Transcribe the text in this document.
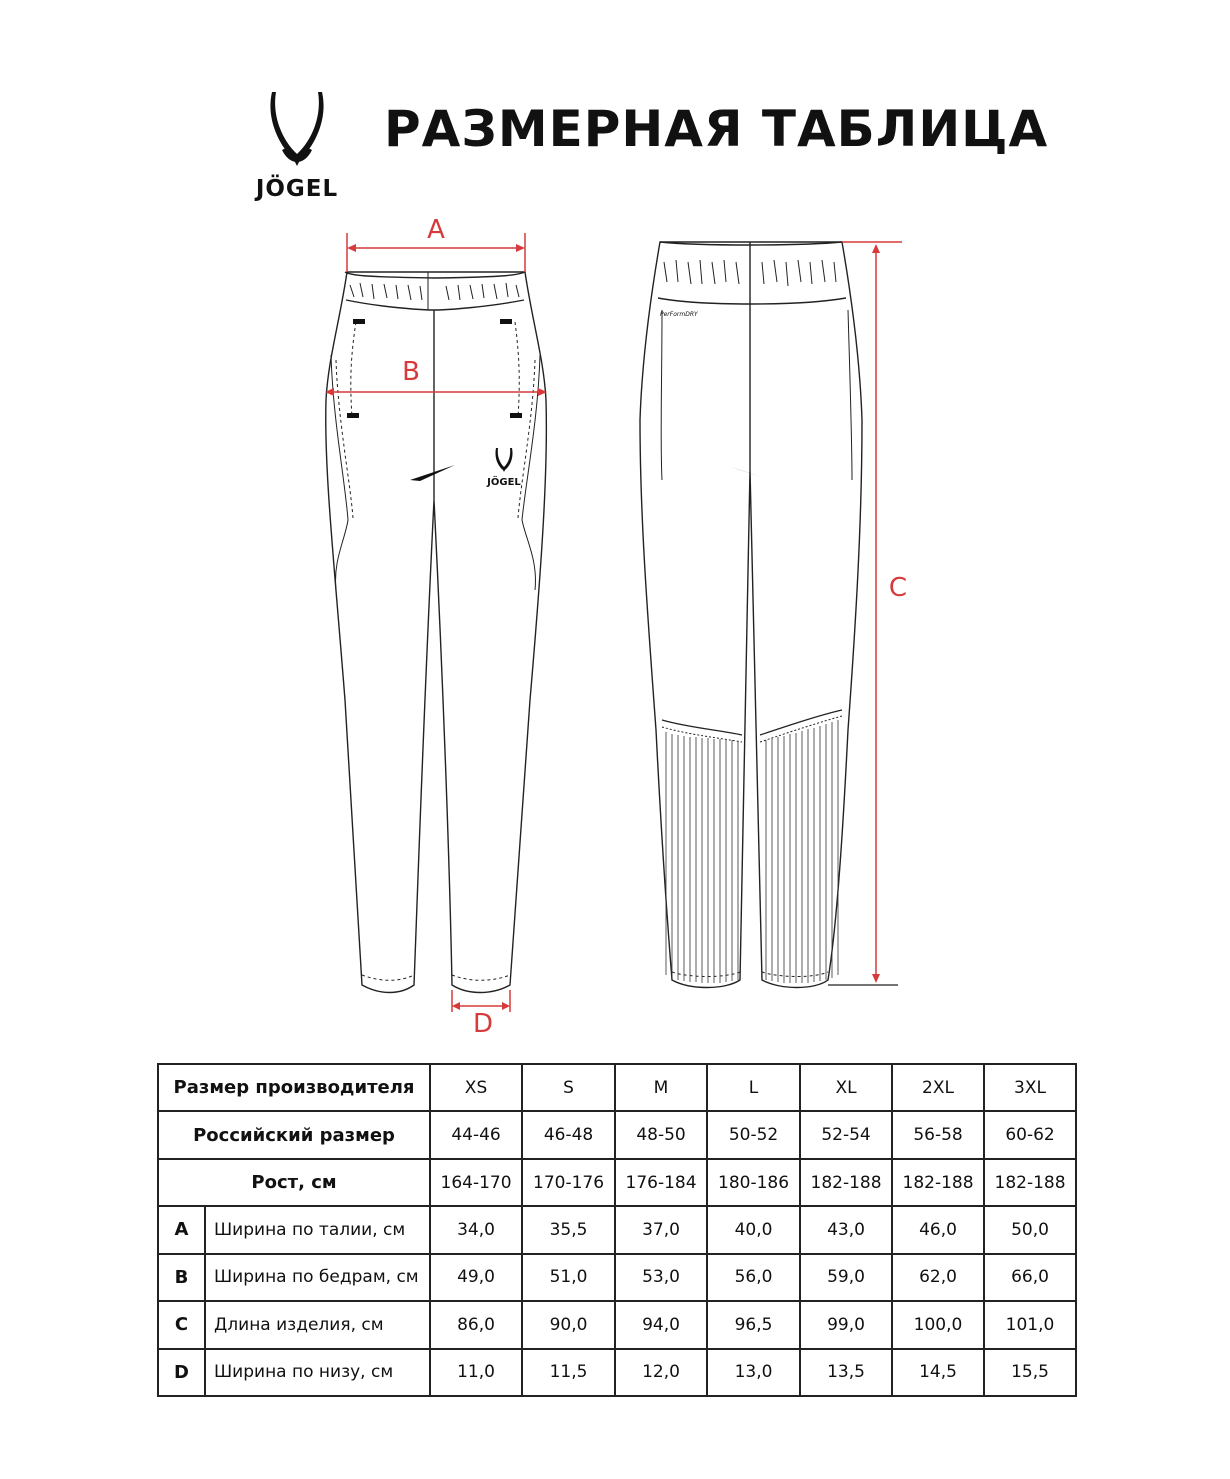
JÖGEL
РАЗМЕРНАЯ ТАБЛИЦА
JÖGEL
PerFormDRY
A
B
C
D
Размер производителя		XS	S	M	L	XL	2XL	3XL
Российский размер		44-46	46-48	48-50	50-52	52-54	56-58	60-62
Рост, см		164-170	170-176	176-184	180-186	182-188	182-188	182-188
A	Ширина по талии, см	34,0	35,5	37,0	40,0	43,0	46,0	50,0
B	Ширина по бедрам, см	49,0	51,0	53,0	56,0	59,0	62,0	66,0
C	Длина изделия, см	86,0	90,0	94,0	96,5	99,0	100,0	101,0
D	Ширина по низу, см	11,0	11,5	12,0	13,0	13,5	14,5	15,5
